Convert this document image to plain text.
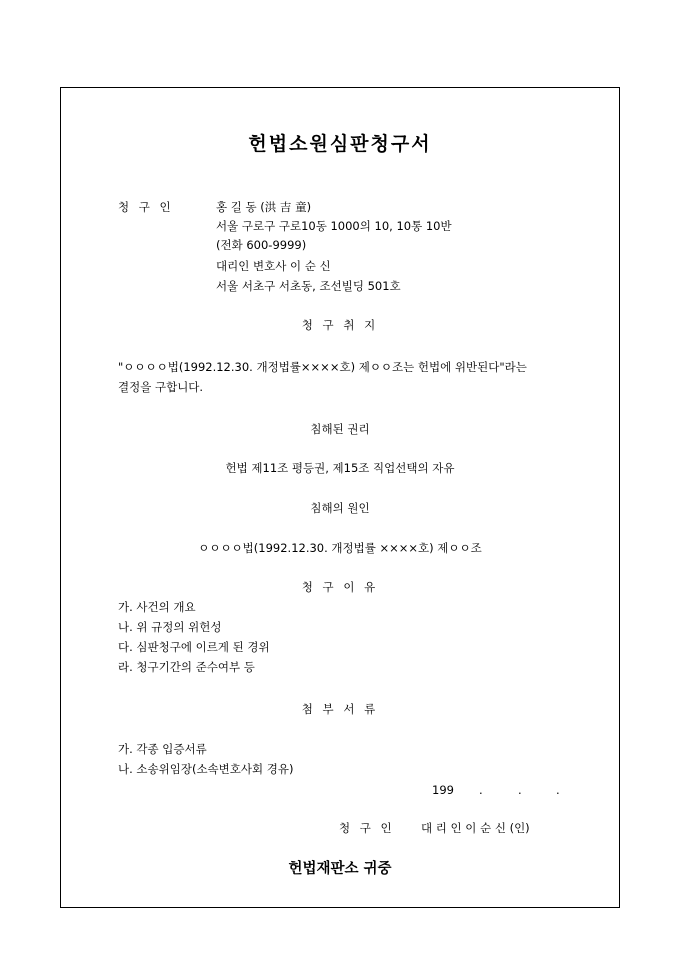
헌법소원심판청구서
청 구 인	홍 길 동 (洪 吉 童)
서울 구로구 구로10동 1000의 10, 10통 10반
(전화 600-9999)
대리인 변호사 이 순 신
서울 서초구 서초동, 조선빌딩 501호
청 구 취 지
"ㅇㅇㅇㅇ법(1992.12.30. 개정법률××××호) 제ㅇㅇ조는 헌법에 위반된다"라는
결정을 구합니다.
침해된 권리
헌법 제11조 평등권, 제15조 직업선택의 자유
침해의 원인
ㅇㅇㅇㅇ법(1992.12.30. 개정법률 ××××호) 제ㅇㅇ조
청 구 이 유
가. 사건의 개요
나. 위 규정의 위헌성
다. 심판청구에 이르게 된 경위
라. 청구기간의 준수여부 등
첨 부 서 류
가. 각종 입증서류
나. 소송위임장(소속변호사회 경유)
199 .	.	.
청 구 인 대 리 인 이 순 신 (인)
헌법재판소 귀중
